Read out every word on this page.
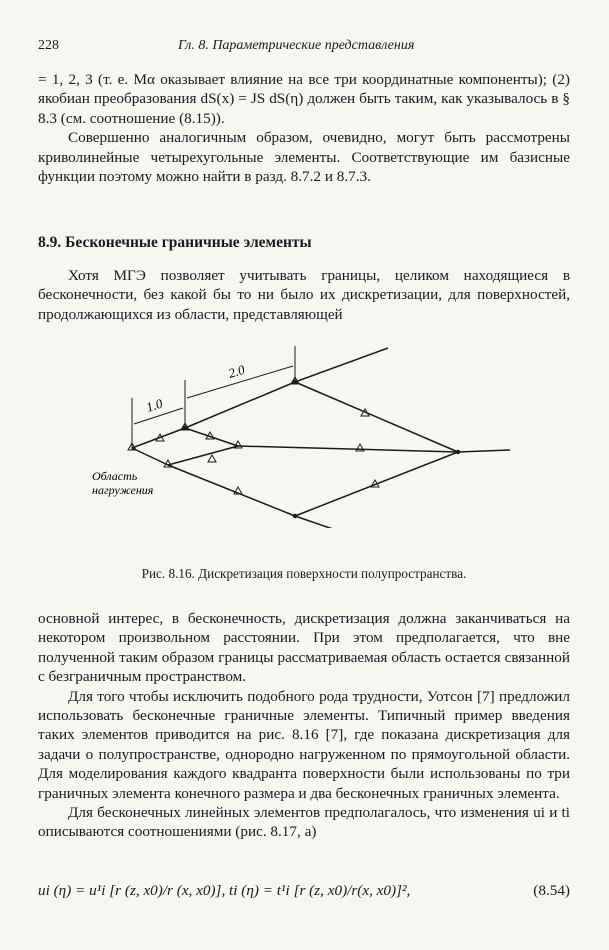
228	Гл. 8. Параметрические представления

= 1, 2, 3 (т. е. Mα оказывает влияние на все три координатные компоненты); (2) якобиан преобразования dS(x) = JS dS(η) должен быть таким, как указывалось в § 8.3 (см. соотношение (8.15)).

Совершенно аналогичным образом, очевидно, могут быть рассмотрены криволинейные четырехугольные элементы. Соответствующие им базисные функции поэтому можно найти в разд. 8.7.2 и 8.7.3.

8.9. Бесконечные граничные элементы

Хотя МГЭ позволяет учитывать границы, целиком находящиеся в бесконечности, без какой бы то ни было их дискретизации, для поверхностей, продолжающихся из области, представляющей

1.0
2.0
Область
нагружения
Рис. 8.16. Дискретизация поверхности полупространства.

основной интерес, в бесконечность, дискретизация должна заканчиваться на некотором произвольном расстоянии. При этом предполагается, что вне полученной таким образом границы рассматриваемая область остается связанной с безграничным пространством.

Для того чтобы исключить подобного рода трудности, Уотсон [7] предложил использовать бесконечные граничные элементы. Типичный пример введения таких элементов приводится на рис. 8.16 [7], где показана дискретизация для задачи о полупространстве, однородно нагруженном по прямоугольной области. Для моделирования каждого квадранта поверхности были использованы по три граничных элемента конечного размера и два бесконечных граничных элемента.

Для бесконечных линейных элементов предполагалось, что изменения ui и ti описываются соотношениями (рис. 8.17, a)

ui (η) = u¹i [r (z, x0)/r (x, x0)], ti (η) = t¹i [r (z, x0)/r(x, x0)]²,	(8.54)
